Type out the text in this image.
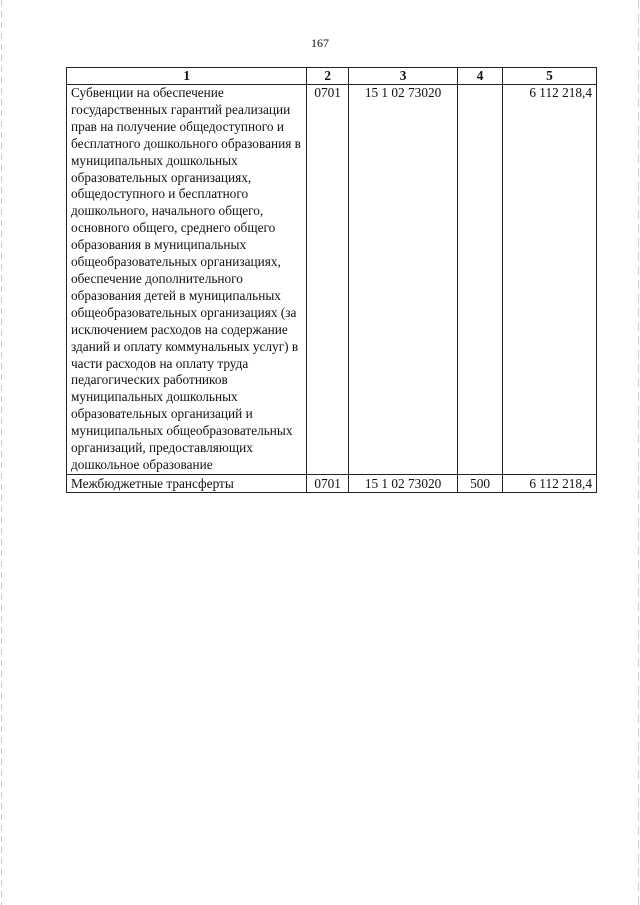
167
1	2	3	4	5
Субвенции на обеспечение государственных гарантий реализации прав на получение общедоступного и бесплатного дошкольного образования в муниципальных дошкольных образовательных организациях, общедоступного и бесплатного дошкольного, начального общего, основного общего, среднего общего образования в муниципальных общеобразовательных организациях, обеспечение дополнительного образования детей в муниципальных общеобразовательных организациях (за исключением расходов на содержание зданий и оплату коммунальных услуг) в части расходов на оплату труда педагогических работников муниципальных дошкольных образовательных организаций и муниципальных общеобразовательных организаций, предоставляющих дошкольное образование	0701	15 1 02 73020		6 112 218,4
Межбюджетные трансферты	0701	15 1 02 73020	500	6 112 218,4
